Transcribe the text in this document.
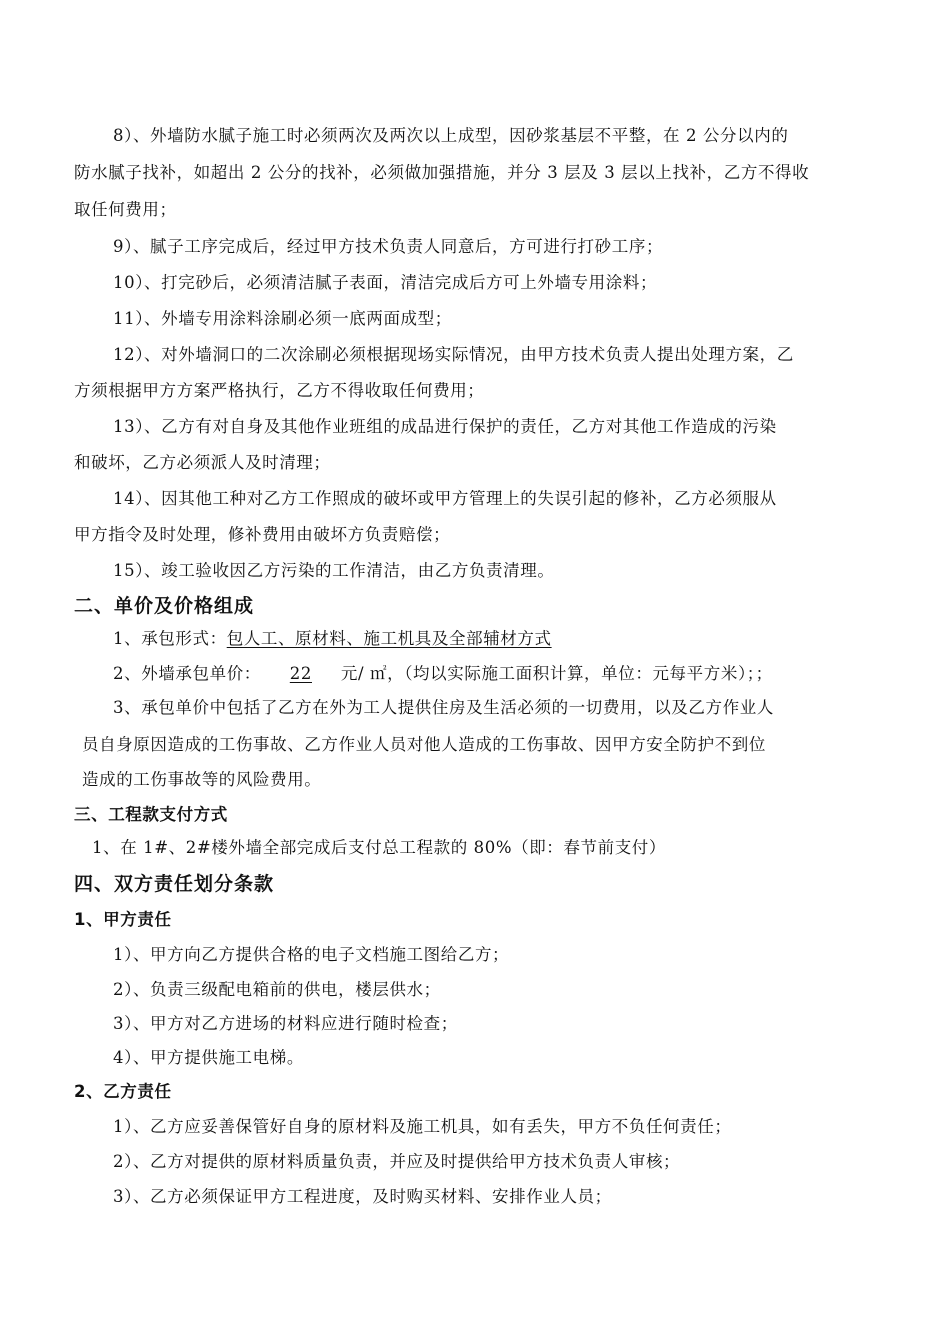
8）、外墙防水腻子施工时必须两次及两次以上成型，因砂浆基层不平整，在 2 公分以内的
防水腻子找补，如超出 2 公分的找补，必须做加强措施，并分 3 层及 3 层以上找补，乙方不得收
取任何费用；
9）、腻子工序完成后，经过甲方技术负责人同意后，方可进行打砂工序；
10）、打完砂后，必须清洁腻子表面，清洁完成后方可上外墙专用涂料；
11）、外墙专用涂料涂刷必须一底两面成型；
12）、对外墙洞口的二次涂刷必须根据现场实际情况，由甲方技术负责人提出处理方案，乙
方须根据甲方方案严格执行，乙方不得收取任何费用；
13）、乙方有对自身及其他作业班组的成品进行保护的责任，乙方对其他工作造成的污染
和破坏，乙方必须派人及时清理；
14）、因其他工种对乙方工作照成的破坏或甲方管理上的失误引起的修补，乙方必须服从
甲方指令及时处理，修补费用由破坏方负责赔偿；
15）、竣工验收因乙方污染的工作清洁，由乙方负责清理。
二、单价及价格组成
1、承包形式：包人工、原材料、施工机具及全部辅材方式
2、外墙承包单价： 22 元/ ㎡，（均以实际施工面积计算，单位：元每平方米）；；
3、承包单价中包括了乙方在外为工人提供住房及生活必须的一切费用，以及乙方作业人
员自身原因造成的工伤事故、乙方作业人员对他人造成的工伤事故、因甲方安全防护不到位
造成的工伤事故等的风险费用。
三、工程款支付方式
1、在 1#、2#楼外墙全部完成后支付总工程款的 80%（即：春节前支付）
四、双方责任划分条款
1、甲方责任
1）、甲方向乙方提供合格的电子文档施工图给乙方；
2）、负责三级配电箱前的供电，楼层供水；
3）、甲方对乙方进场的材料应进行随时检查；
4）、甲方提供施工电梯。
2、乙方责任
1）、乙方应妥善保管好自身的原材料及施工机具，如有丢失，甲方不负任何责任；
2）、乙方对提供的原材料质量负责，并应及时提供给甲方技术负责人审核；
3）、乙方必须保证甲方工程进度，及时购买材料、安排作业人员；
